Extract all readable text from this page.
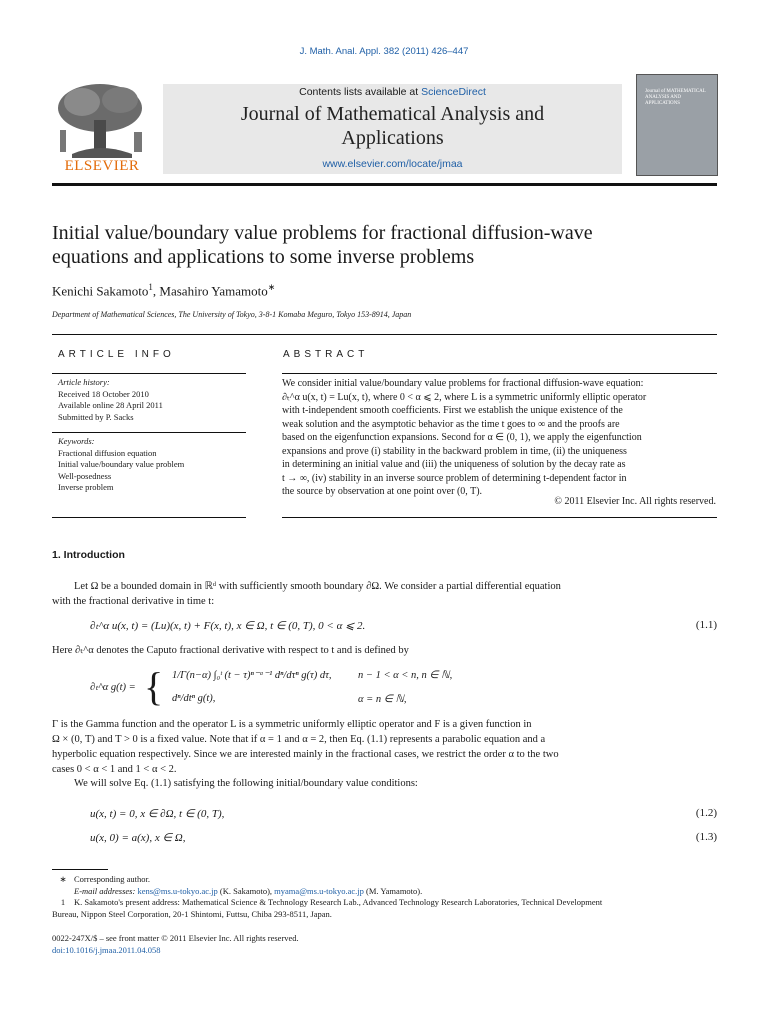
J. Math. Anal. Appl. 382 (2011) 426–447
ELSEVIER
Contents lists available at ScienceDirect
Journal of Mathematical Analysis and
Applications
www.elsevier.com/locate/jmaa
Journal of MATHEMATICAL ANALYSIS AND APPLICATIONS
Initial value/boundary value problems for fractional diffusion-wave
equations and applications to some inverse problems
Kenichi Sakamoto$^1$, Masahiro Yamamoto∗
Department of Mathematical Sciences, The University of Tokyo, 3-8-1 Komaba Meguro, Tokyo 153-8914, Japan
ARTICLE INFO	ABSTRACT
Article history:
Received 18 October 2010
Available online 28 April 2011
Submitted by P. Sacks
Keywords:
Fractional diffusion equation
Initial value/boundary value problem
Well-posedness
Inverse problem
We consider initial value/boundary value problems for fractional diffusion-wave equation:
∂ₜ^α u(x, t) = Lu(x, t), where 0 < α ⩽ 2, where L is a symmetric uniformly elliptic operator
with t-independent smooth coefficients. First we establish the unique existence of the
weak solution and the asymptotic behavior as the time t goes to ∞ and the proofs are
based on the eigenfunction expansions. Second for α ∈ (0, 1), we apply the eigenfunction
expansions and prove (i) stability in the backward problem in time, (ii) the uniqueness
in determining an initial value and (iii) the uniqueness of solution by the decay rate as
t → ∞, (iv) stability in an inverse source problem of determining t-dependent factor in
the source by observation at one point over (0, T).
© 2011 Elsevier Inc. All rights reserved.
1. Introduction
Let Ω be a bounded domain in ℝᵈ with sufficiently smooth boundary ∂Ω. We consider a partial differential equation
with the fractional derivative in time t:
∂ₜ^α u(x, t) = (Lu)(x, t) + F(x, t), x ∈ Ω, t ∈ (0, T), 0 < α ⩽ 2.	(1.1)
Here ∂ₜ^α denotes the Caputo fractional derivative with respect to t and is defined by
∂ₜ^α g(t) = { 1/Γ(n−α) ∫₀ᵗ (t − τ)ⁿ⁻ᵅ⁻¹ dⁿ/dτⁿ g(τ) dτ,	n − 1 < α < n, n ∈ ℕ,
dⁿ/dtⁿ g(t),	α = n ∈ ℕ,
Γ is the Gamma function and the operator L is a symmetric uniformly elliptic operator and F is a given function in
Ω × (0, T) and T > 0 is a fixed value. Note that if α = 1 and α = 2, then Eq. (1.1) represents a parabolic equation and a
hyperbolic equation respectively. Since we are interested mainly in the fractional cases, we restrict the order α to the two
cases 0 < α < 1 and 1 < α < 2.
We will solve Eq. (1.1) satisfying the following initial/boundary value conditions:
u(x, t) = 0, x ∈ ∂Ω, t ∈ (0, T),	(1.2)
u(x, 0) = a(x), x ∈ Ω,	(1.3)
∗ Corresponding author.
E-mail addresses: kens@ms.u-tokyo.ac.jp (K. Sakamoto), myama@ms.u-tokyo.ac.jp (M. Yamamoto).
1 K. Sakamoto's present address: Mathematical Science & Technology Research Lab., Advanced Technology Research Laboratories, Technical Development
Bureau, Nippon Steel Corporation, 20-1 Shintomi, Futtsu, Chiba 293-8511, Japan.
0022-247X/$ – see front matter © 2011 Elsevier Inc. All rights reserved.
doi:10.1016/j.jmaa.2011.04.058
